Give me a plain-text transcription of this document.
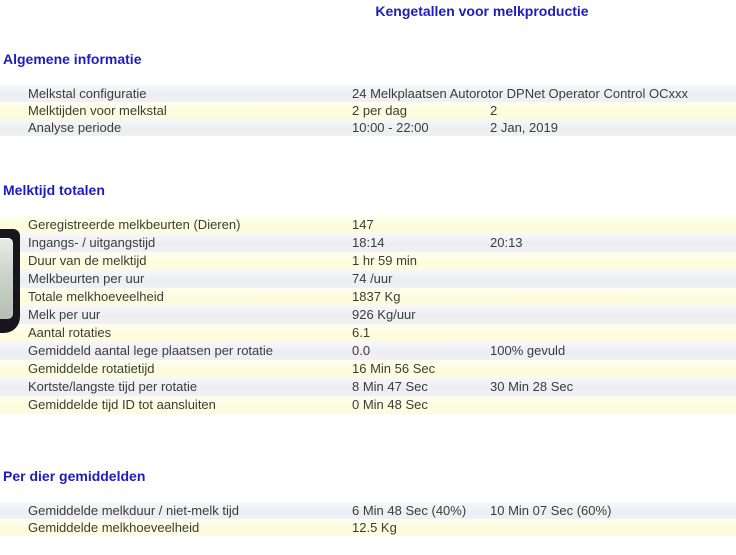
Kengetallen voor melkproductie
Algemene informatie
Melkstal configuratie	24 Melkplaatsen Autorotor DPNet Operator Control OCxxx
Melktijden voor melkstal	2 per dag	2
Analyse periode	10:00 - 22:00	2 Jan, 2019
Melktijd totalen
Geregistreerde melkbeurten (Dieren)	147
Ingangs- / uitgangstijd	18:14	20:13
Duur van de melktijd	1 hr 59 min
Melkbeurten per uur	74 /uur
Totale melkhoeveelheid	1837 Kg
Melk per uur	926 Kg/uur
Aantal rotaties	6.1
Gemiddeld aantal lege plaatsen per rotatie	0.0	100% gevuld
Gemiddelde rotatietijd	16 Min 56 Sec
Kortste/langste tijd per rotatie	8 Min 47 Sec	30 Min 28 Sec
Gemiddelde tijd ID tot aansluiten	0 Min 48 Sec
Per dier gemiddelden
Gemiddelde melkduur / niet-melk tijd	6 Min 48 Sec (40%)	10 Min 07 Sec (60%)
Gemiddelde melkhoeveelheid	12.5 Kg
